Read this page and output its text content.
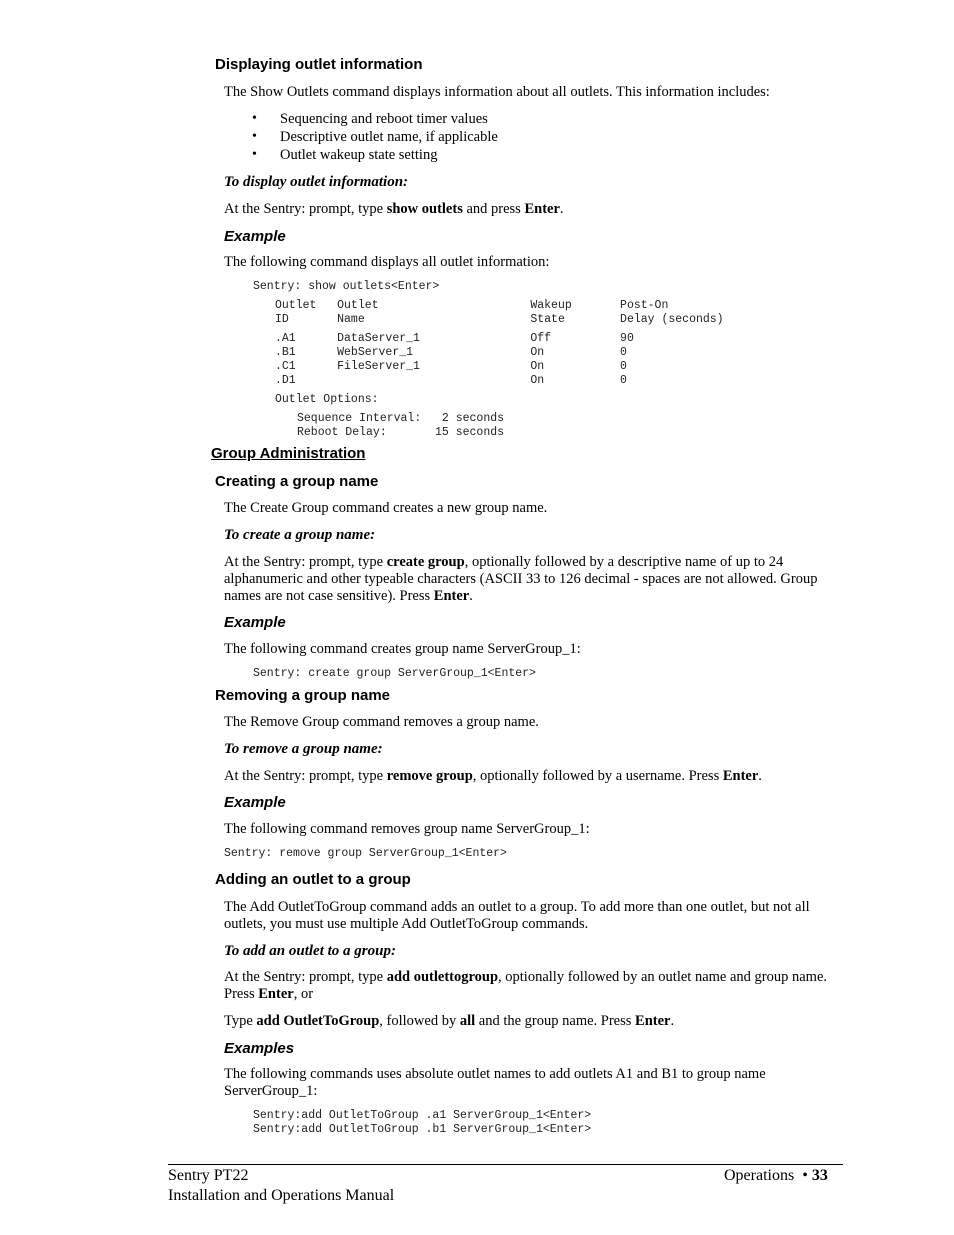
Displaying outlet information
The Show Outlets command displays information about all outlets. This information includes:
• Sequencing and reboot timer values
• Descriptive outlet name, if applicable
• Outlet wakeup state setting
To display outlet information:
At the Sentry: prompt, type show outlets and press Enter.
Example
The following command displays all outlet information:
Sentry: show outlets<Enter>
Outlet   Outlet                      Wakeup       Post-On
ID       Name                        State        Delay (seconds)
.A1      DataServer_1                Off          90
.B1      WebServer_1                 On           0
.C1      FileServer_1                On           0
.D1                                  On           0
Outlet Options:
Sequence Interval:   2 seconds
Reboot Delay:       15 seconds
Group Administration
Creating a group name
The Create Group command creates a new group name.
To create a group name:
At the Sentry: prompt, type create group, optionally followed by a descriptive name of up to 24 alphanumeric and other typeable characters (ASCII 33 to 126 decimal - spaces are not allowed. Group names are not case sensitive). Press Enter.
Example
The following command creates group name ServerGroup_1:
Sentry: create group ServerGroup_1<Enter>
Removing a group name
The Remove Group command removes a group name.
To remove a group name:
At the Sentry: prompt, type remove group, optionally followed by a username. Press Enter.
Example
The following command removes group name ServerGroup_1:
Sentry: remove group ServerGroup_1<Enter>
Adding an outlet to a group
The Add OutletToGroup command adds an outlet to a group. To add more than one outlet, but not all outlets, you must use multiple Add OutletToGroup commands.
To add an outlet to a group:
At the Sentry: prompt, type add outlettogroup, optionally followed by an outlet name and group name. Press Enter, or
Type add OutletToGroup, followed by all and the group name. Press Enter.
Examples
The following commands uses absolute outlet names to add outlets A1 and B1 to group name ServerGroup_1:
Sentry:add OutletToGroup .a1 ServerGroup_1<Enter>
Sentry:add OutletToGroup .b1 ServerGroup_1<Enter>
Sentry PT22
Installation and Operations Manual
Operations • 33
